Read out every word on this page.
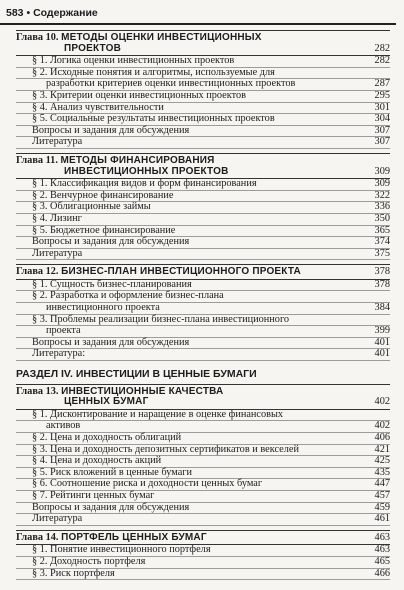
583 • Содержание
Глава 10. МЕТОДЫ ОЦЕНКИ ИНВЕСТИЦИОННЫХ
ПРОЕКТОВ	282
§ 1. Логика оценки инвестиционных проектов	282
§ 2. Исходные понятия и алгоритмы, используемые для
разработки критериев оценки инвестиционных проектов	287
§ 3. Критерии оценки инвестиционных проектов	295
§ 4. Анализ чувствительности	301
§ 5. Социальные результаты инвестиционных проектов	304
Вопросы и задания для обсуждения	307
Литература	307
Глава 11. МЕТОДЫ ФИНАНСИРОВАНИЯ
ИНВЕСТИЦИОННЫХ ПРОЕКТОВ	309
§ 1. Классификация видов и форм финансирования	309
§ 2. Венчурное финансирование	322
§ 3. Облигационные займы	336
§ 4. Лизинг	350
§ 5. Бюджетное финансирование	365
Вопросы и задания для обсуждения	374
Литература	375
Глава 12. БИЗНЕС-ПЛАН ИНВЕСТИЦИОННОГО ПРОЕКТА	378
§ 1. Сущность бизнес-планирования	378
§ 2. Разработка и оформление бизнес-плана
инвестиционного проекта	384
§ 3. Проблемы реализации бизнес-плана инвестиционного
проекта	399
Вопросы и задания для обсуждения	401
Литература:	401
РАЗДЕЛ IV. ИНВЕСТИЦИИ В ЦЕННЫЕ БУМАГИ
Глава 13. ИНВЕСТИЦИОННЫЕ КАЧЕСТВА
ЦЕННЫХ БУМАГ	402
§ 1. Дисконтирование и наращение в оценке финансовых
активов	402
§ 2. Цена и доходность облигаций	406
§ 3. Цена и доходность депозитных сертификатов и векселей	421
§ 4. Цена и доходность акций	425
§ 5. Риск вложений в ценные бумаги	435
§ 6. Соотношение риска и доходности ценных бумаг	447
§ 7. Рейтинги ценных бумаг	457
Вопросы и задания для обсуждения	459
Литература	461
Глава 14. ПОРТФЕЛЬ ЦЕННЫХ БУМАГ	463
§ 1. Понятие инвестиционного портфеля	463
§ 2. Доходность портфеля	465
§ 3. Риск портфеля	466
